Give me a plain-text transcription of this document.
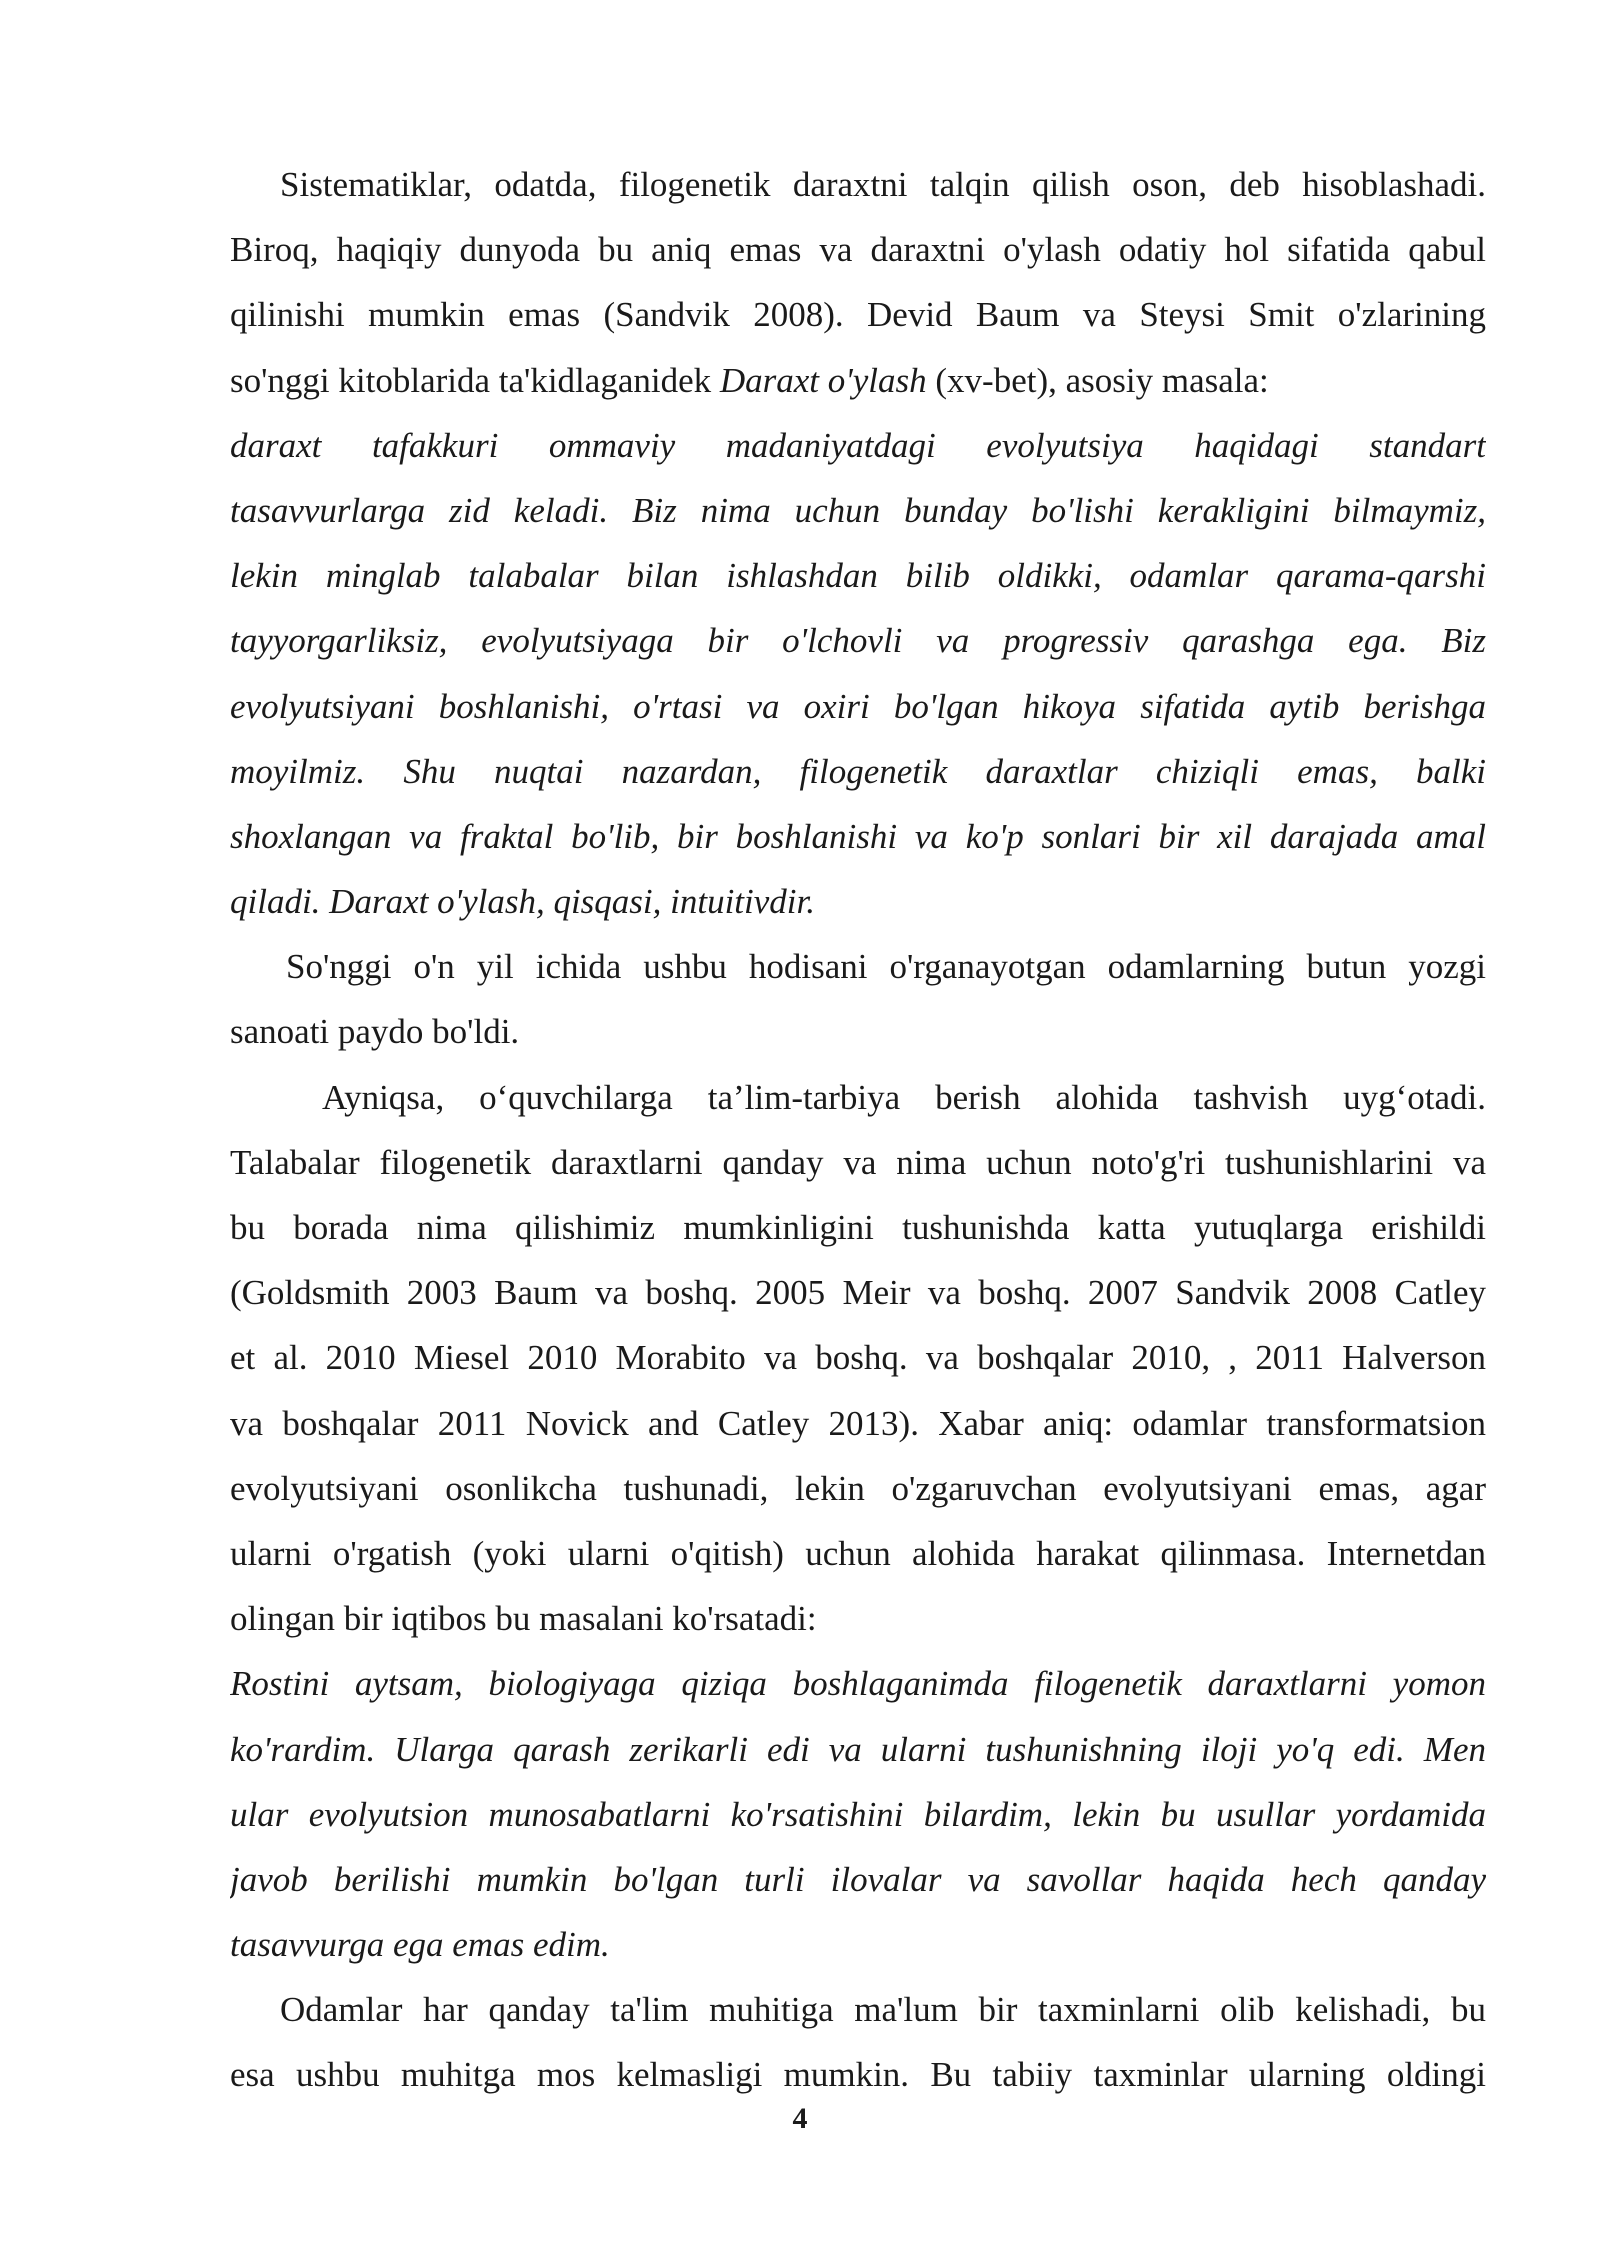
Sistematiklar, odatda, filogenetik daraxtni talqin qilish oson, deb hisoblashadi.
Biroq, haqiqiy dunyoda bu aniq emas va daraxtni o'ylash odatiy hol sifatida qabul
qilinishi mumkin emas (Sandvik 2008). Devid Baum va Steysi Smit o'zlarining
so'nggi kitoblarida ta'kidlaganidek Daraxt o'ylash (xv-bet), asosiy masala:
daraxt tafakkuri ommaviy madaniyatdagi evolyutsiya haqidagi standart
tasavvurlarga zid keladi. Biz nima uchun bunday bo'lishi kerakligini bilmaymiz,
lekin minglab talabalar bilan ishlashdan bilib oldikki, odamlar qarama-qarshi
tayyorgarliksiz, evolyutsiyaga bir o'lchovli va progressiv qarashga ega. Biz
evolyutsiyani boshlanishi, o'rtasi va oxiri bo'lgan hikoya sifatida aytib berishga
moyilmiz. Shu nuqtai nazardan, filogenetik daraxtlar chiziqli emas, balki
shoxlangan va fraktal bo'lib, bir boshlanishi va ko'p sonlari bir xil darajada amal
qiladi. Daraxt o'ylash, qisqasi, intuitivdir.
So'nggi o'n yil ichida ushbu hodisani o'rganayotgan odamlarning butun yozgi
sanoati paydo bo'ldi.
Ayniqsa, o‘quvchilarga ta’lim-tarbiya berish alohida tashvish uyg‘otadi.
Talabalar filogenetik daraxtlarni qanday va nima uchun noto'g'ri tushunishlarini va
bu borada nima qilishimiz mumkinligini tushunishda katta yutuqlarga erishildi
(Goldsmith 2003 Baum va boshq. 2005 Meir va boshq. 2007 Sandvik 2008 Catley
et al. 2010 Miesel 2010 Morabito va boshq. va boshqalar 2010, , 2011 Halverson
va boshqalar 2011 Novick and Catley 2013). Xabar aniq: odamlar transformatsion
evolyutsiyani osonlikcha tushunadi, lekin o'zgaruvchan evolyutsiyani emas, agar
ularni o'rgatish (yoki ularni o'qitish) uchun alohida harakat qilinmasa. Internetdan
olingan bir iqtibos bu masalani ko'rsatadi:
Rostini aytsam, biologiyaga qiziqa boshlaganimda filogenetik daraxtlarni yomon
ko'rardim. Ularga qarash zerikarli edi va ularni tushunishning iloji yo'q edi. Men
ular evolyutsion munosabatlarni ko'rsatishini bilardim, lekin bu usullar yordamida
javob berilishi mumkin bo'lgan turli ilovalar va savollar haqida hech qanday
tasavvurga ega emas edim.
Odamlar har qanday ta'lim muhitiga ma'lum bir taxminlarni olib kelishadi, bu
esa ushbu muhitga mos kelmasligi mumkin. Bu tabiiy taxminlar ularning oldingi
4
